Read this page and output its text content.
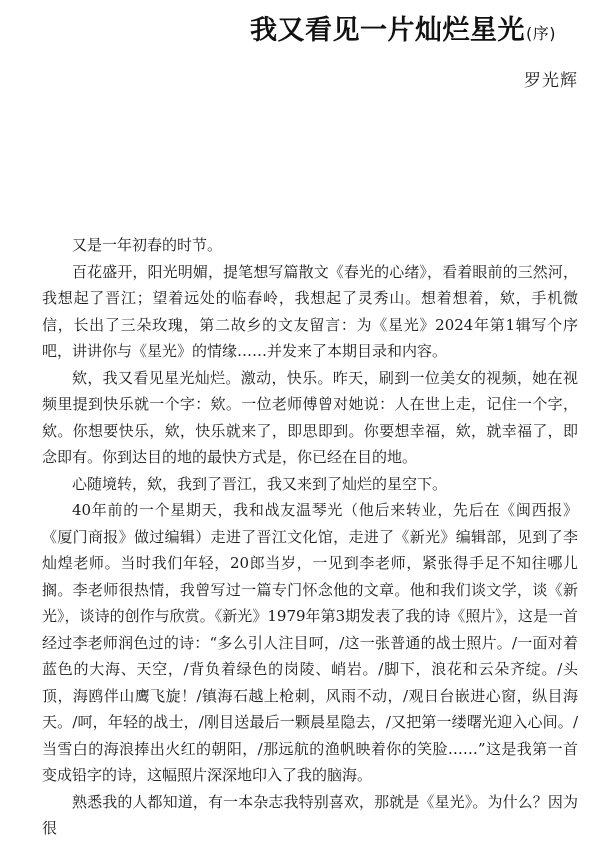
我又看见一片灿烂星光(序)
罗光辉

又是一年初春的时节。

百花盛开，阳光明媚，提笔想写篇散文《春光的心绪》，看着眼前的三然河，我想起了晋江；望着远处的临春岭，我想起了灵秀山。想着想着，欸，手机微信，长出了三朵玫瑰，第二故乡的文友留言：为《星光》2024年第1辑写个序吧，讲讲你与《星光》的情缘……并发来了本期目录和内容。

欸，我又看见星光灿烂。激动，快乐。昨天，刷到一位美女的视频，她在视频里提到快乐就一个字：欸。一位老师傅曾对她说：人在世上走，记住一个字，欸。你想要快乐，欸，快乐就来了，即思即到。你要想幸福，欸，就幸福了，即念即有。你到达目的地的最快方式是，你已经在目的地。

心随境转，欸，我到了晋江，我又来到了灿烂的星空下。

40年前的一个星期天，我和战友温琴光（他后来转业，先后在《闽西报》《厦门商报》做过编辑）走进了晋江文化馆，走进了《新光》编辑部，见到了李灿煌老师。当时我们年轻，20郎当岁，一见到李老师，紧张得手足不知往哪儿搁。李老师很热情，我曾写过一篇专门怀念他的文章。他和我们谈文学，谈《新光》，谈诗的创作与欣赏。《新光》1979年第3期发表了我的诗《照片》，这是一首经过李老师润色过的诗：“多么引人注目呵，/这一张普通的战士照片。/一面对着蓝色的大海、天空，/背负着绿色的岗陵、峭岩。/脚下，浪花和云朵齐绽。/头顶，海鸥伴山鹰飞旋！/镇海石越上枪刺，风雨不动，/观日台嵌进心窗，纵目海天。/呵，年轻的战士，/刚目送最后一颗晨星隐去，/又把第一缕曙光迎入心间。/当雪白的海浪捧出火红的朝阳，/那远航的渔帆映着你的笑脸……”这是我第一首变成铅字的诗，这幅照片深深地印入了我的脑海。

熟悉我的人都知道，有一本杂志我特别喜欢，那就是《星光》。为什么？因为很
